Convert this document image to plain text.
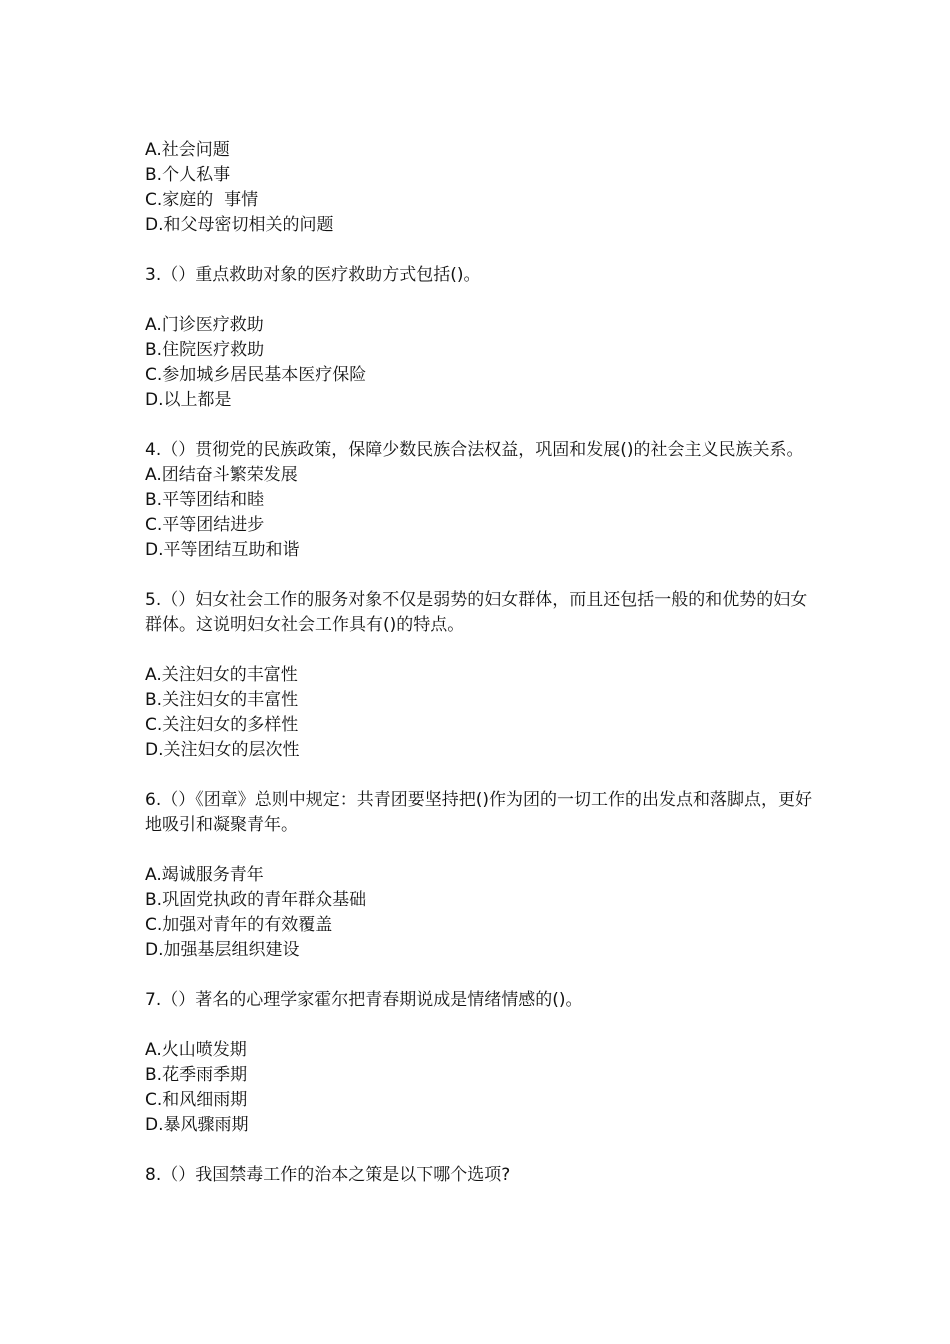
A.社会问题
B.个人私事
C.家庭的  事情
D.和父母密切相关的问题
3.（）重点救助对象的医疗救助方式包括()。
A.门诊医疗救助
B.住院医疗救助
C.参加城乡居民基本医疗保险
D.以上都是
4.（）贯彻党的民族政策，保障少数民族合法权益，巩固和发展()的社会主义民族关系。
A.团结奋斗繁荣发展
B.平等团结和睦
C.平等团结进步
D.平等团结互助和谐
5.（）妇女社会工作的服务对象不仅是弱势的妇女群体，而且还包括一般的和优势的妇女群体。这说明妇女社会工作具有()的特点。
A.关注妇女的丰富性
B.关注妇女的丰富性
C.关注妇女的多样性
D.关注妇女的层次性
6.（）《团章》总则中规定：共青团要坚持把()作为团的一切工作的出发点和落脚点，更好地吸引和凝聚青年。
A.竭诚服务青年
B.巩固党执政的青年群众基础
C.加强对青年的有效覆盖
D.加强基层组织建设
7.（）著名的心理学家霍尔把青春期说成是情绪情感的()。
A.火山喷发期
B.花季雨季期
C.和风细雨期
D.暴风骤雨期
8.（）我国禁毒工作的治本之策是以下哪个选项?
